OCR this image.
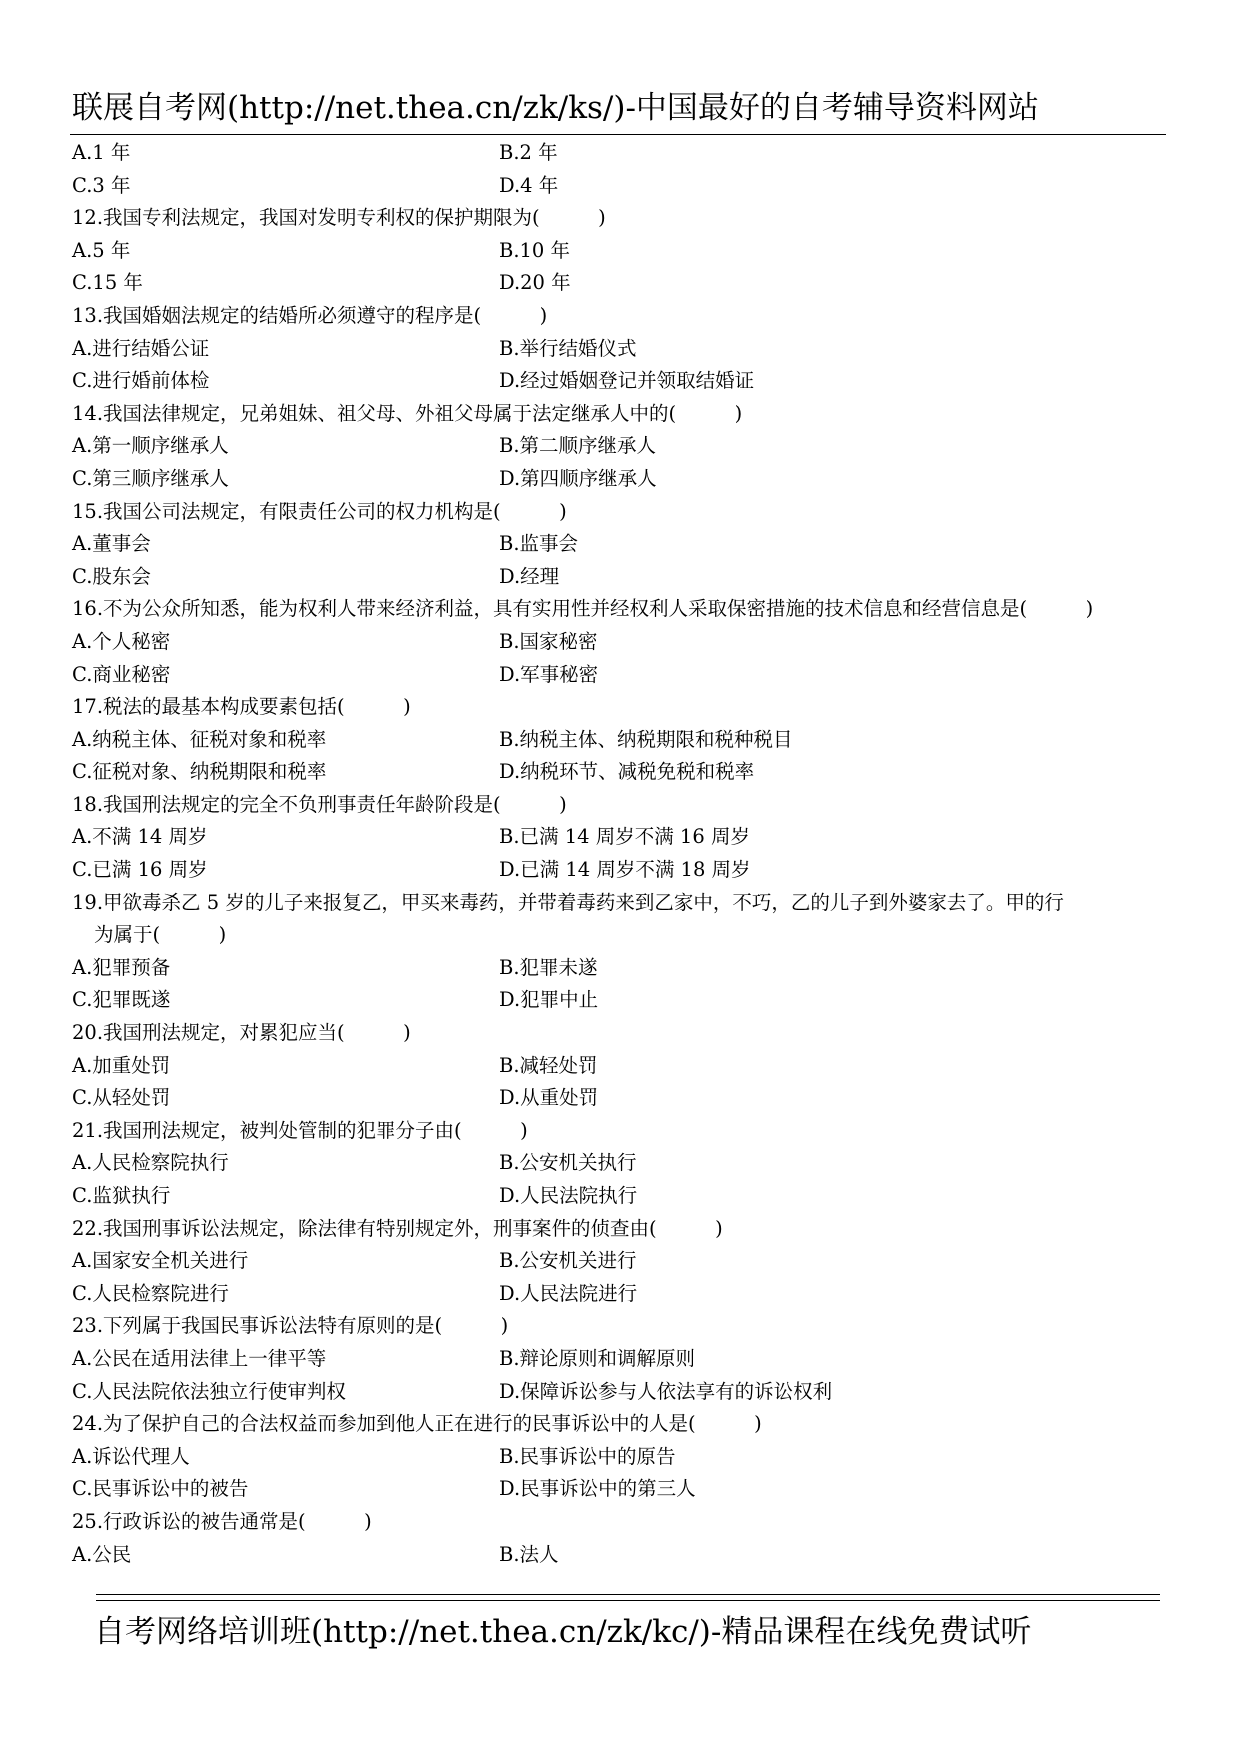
联展自考网(http://net.thea.cn/zk/ks/)-中国最好的自考辅导资料网站
A.1 年	B.2 年
C.3 年	D.4 年
12.我国专利法规定，我国对发明专利权的保护期限为(　　　)
A.5 年	B.10 年
C.15 年	D.20 年
13.我国婚姻法规定的结婚所必须遵守的程序是(　　　)
A.进行结婚公证	B.举行结婚仪式
C.进行婚前体检	D.经过婚姻登记并领取结婚证
14.我国法律规定，兄弟姐妹、祖父母、外祖父母属于法定继承人中的(　　　)
A.第一顺序继承人	B.第二顺序继承人
C.第三顺序继承人	D.第四顺序继承人
15.我国公司法规定，有限责任公司的权力机构是(　　　)
A.董事会	B.监事会
C.股东会	D.经理
16.不为公众所知悉，能为权利人带来经济利益，具有实用性并经权利人采取保密措施的技术信息和经营信息是(　　　)
A.个人秘密	B.国家秘密
C.商业秘密	D.军事秘密
17.税法的最基本构成要素包括(　　　)
A.纳税主体、征税对象和税率	B.纳税主体、纳税期限和税种税目
C.征税对象、纳税期限和税率	D.纳税环节、减税免税和税率
18.我国刑法规定的完全不负刑事责任年龄阶段是(　　　)
A.不满 14 周岁	B.已满 14 周岁不满 16 周岁
C.已满 16 周岁	D.已满 14 周岁不满 18 周岁
19.甲欲毒杀乙 5 岁的儿子来报复乙，甲买来毒药，并带着毒药来到乙家中，不巧，乙的儿子到外婆家去了。甲的行
为属于(　　　)
A.犯罪预备	B.犯罪未遂
C.犯罪既遂	D.犯罪中止
20.我国刑法规定，对累犯应当(　　　)
A.加重处罚	B.减轻处罚
C.从轻处罚	D.从重处罚
21.我国刑法规定，被判处管制的犯罪分子由(　　　)
A.人民检察院执行	B.公安机关执行
C.监狱执行	D.人民法院执行
22.我国刑事诉讼法规定，除法律有特别规定外，刑事案件的侦查由(　　　)
A.国家安全机关进行	B.公安机关进行
C.人民检察院进行	D.人民法院进行
23.下列属于我国民事诉讼法特有原则的是(　　　)
A.公民在适用法律上一律平等	B.辩论原则和调解原则
C.人民法院依法独立行使审判权	D.保障诉讼参与人依法享有的诉讼权利
24.为了保护自己的合法权益而参加到他人正在进行的民事诉讼中的人是(　　　)
A.诉讼代理人	B.民事诉讼中的原告
C.民事诉讼中的被告	D.民事诉讼中的第三人
25.行政诉讼的被告通常是(　　　)
A.公民	B.法人
自考网络培训班(http://net.thea.cn/zk/kc/)-精品课程在线免费试听
